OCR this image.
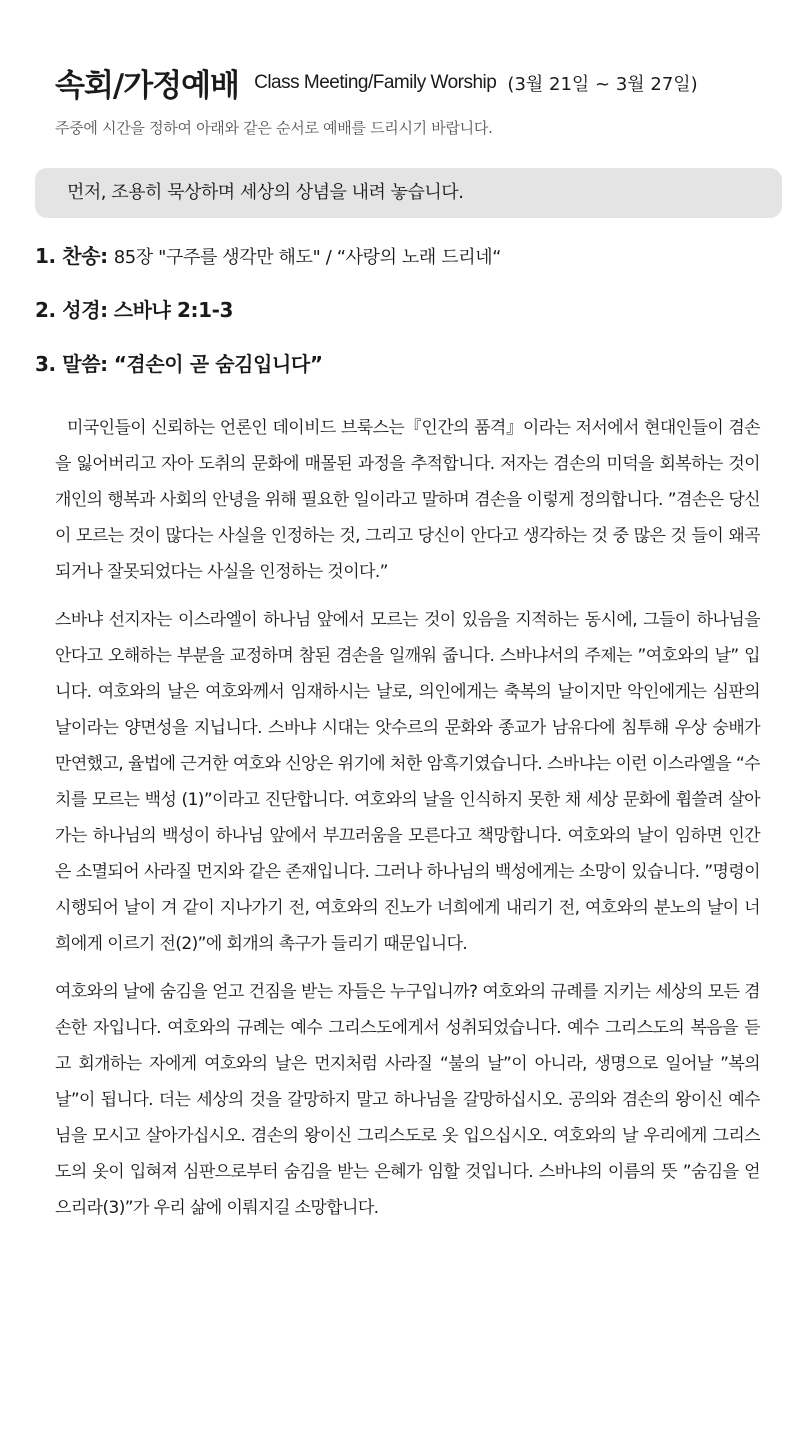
속회/가정예배 Class Meeting/Family Worship (3월 21일 ~ 3월 27일)
주중에 시간을 정하여 아래와 같은 순서로 예배를 드리시기 바랍니다.
먼저, 조용히 묵상하며 세상의 상념을 내려 놓습니다.
1. 찬송: 85장 "구주를 생각만 해도" / “사랑의 노래 드리네“
2. 성경: 스바냐 2:1-3
3. 말씀: “겸손이 곧 숨김입니다”

미국인들이 신뢰하는 언론인 데이비드 브룩스는『인간의 품격』이라는 저서에서 현대인들이 겸손을 잃어버리고 자아 도취의 문화에 매몰된 과정을 추적합니다. 저자는 겸손의 미덕을 회복하는 것이 개인의 행복과 사회의 안녕을 위해 필요한 일이라고 말하며 겸손을 이렇게 정의합니다. ”겸손은 당신이 모르는 것이 많다는 사실을 인정하는 것, 그리고 당신이 안다고 생각하는 것 중 많은 것 들이 왜곡되거나 잘못되었다는 사실을 인정하는 것이다.”

스바냐 선지자는 이스라엘이 하나님 앞에서 모르는 것이 있음을 지적하는 동시에, 그들이 하나님을 안다고 오해하는 부분을 교정하며 참된 겸손을 일깨워 줍니다. 스바냐서의 주제는 ”여호와의 날” 입니다. 여호와의 날은 여호와께서 임재하시는 날로, 의인에게는 축복의 날이지만 악인에게는 심판의 날이라는 양면성을 지닙니다. 스바냐 시대는 앗수르의 문화와 종교가 남유다에 침투해 우상 숭배가 만연했고, 율법에 근거한 여호와 신앙은 위기에 처한 암흑기였습니다. 스바냐는 이런 이스라엘을 “수치를 모르는 백성 (1)”이라고 진단합니다. 여호와의 날을 인식하지 못한 채 세상 문화에 휩쓸려 살아가는 하나님의 백성이 하나님 앞에서 부끄러움을 모른다고 책망합니다. 여호와의 날이 임하면 인간은 소멸되어 사라질 먼지와 같은 존재입니다. 그러나 하나님의 백성에게는 소망이 있습니다. ”명령이 시행되어 날이 겨 같이 지나가기 전, 여호와의 진노가 너희에게 내리기 전, 여호와의 분노의 날이 너희에게 이르기 전(2)”에 회개의 촉구가 들리기 때문입니다.

여호와의 날에 숨김을 얻고 건짐을 받는 자들은 누구입니까? 여호와의 규례를 지키는 세상의 모든 겸손한 자입니다. 여호와의 규례는 예수 그리스도에게서 성취되었습니다. 예수 그리스도의 복음을 듣고 회개하는 자에게 여호와의 날은 먼지처럼 사라질 “불의 날”이 아니라, 생명으로 일어날 ”복의 날”이 됩니다. 더는 세상의 것을 갈망하지 말고 하나님을 갈망하십시오. 공의와 겸손의 왕이신 예수님을 모시고 살아가십시오. 겸손의 왕이신 그리스도로 옷 입으십시오. 여호와의 날 우리에게 그리스도의 옷이 입혀져 심판으로부터 숨김을 받는 은혜가 임할 것입니다. 스바냐의 이름의 뜻 ”숨김을 얻으리라(3)”가 우리 삶에 이뤄지길 소망합니다.
